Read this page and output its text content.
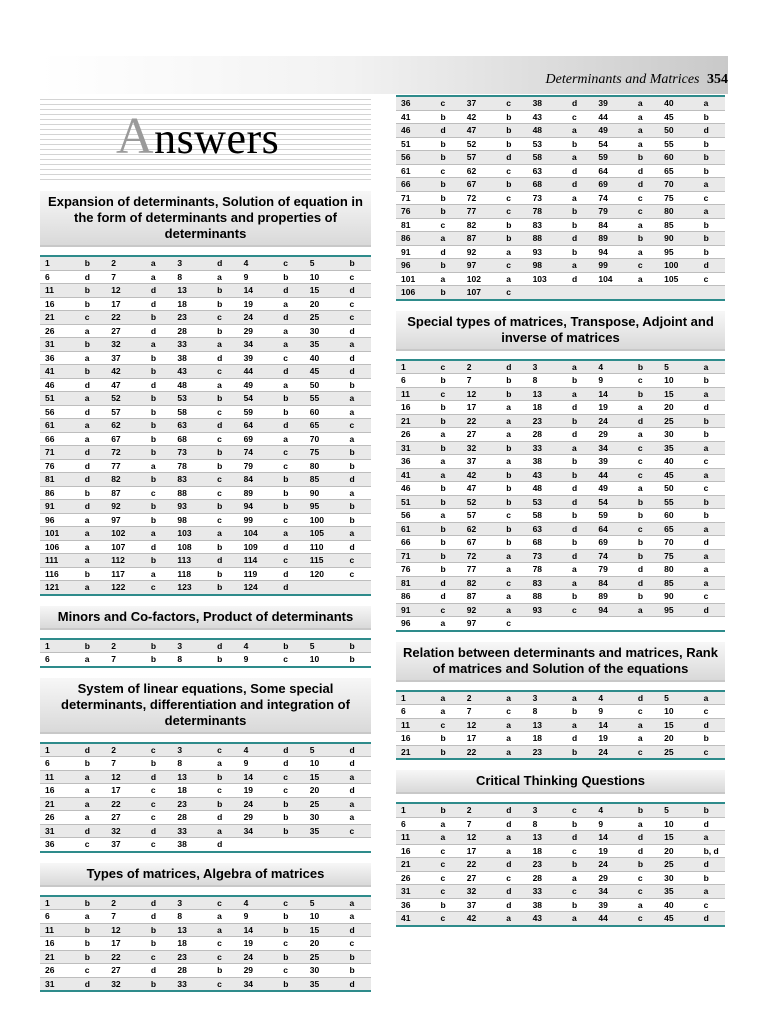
Determinants and Matrices 354
Answers
Expansion of determinants, Solution of equation in the form of determinants and properties of determinants
1	b	2	a	3	d	4	c	5	b
6	d	7	a	8	a	9	b	10	c
11	b	12	d	13	b	14	d	15	d
16	b	17	d	18	b	19	a	20	c
21	c	22	b	23	c	24	d	25	c
26	a	27	d	28	b	29	a	30	d
31	b	32	a	33	a	34	a	35	a
36	a	37	b	38	d	39	c	40	d
41	b	42	b	43	c	44	d	45	d
46	d	47	d	48	a	49	a	50	b
51	a	52	b	53	b	54	b	55	a
56	d	57	b	58	c	59	b	60	a
61	a	62	b	63	d	64	d	65	c
66	a	67	b	68	c	69	a	70	a
71	d	72	b	73	b	74	c	75	b
76	d	77	a	78	b	79	c	80	b
81	d	82	b	83	c	84	b	85	d
86	b	87	c	88	c	89	b	90	a
91	d	92	b	93	b	94	b	95	b
96	a	97	b	98	c	99	c	100	b
101	a	102	a	103	a	104	a	105	a
106	a	107	d	108	b	109	d	110	d
111	a	112	b	113	d	114	c	115	c
116	b	117	a	118	b	119	d	120	c
121	a	122	c	123	b	124	d		
Minors and Co-factors, Product of determinants
1	b	2	b	3	d	4	b	5	b
6	a	7	b	8	b	9	c	10	b
System of linear equations, Some special determinants, differentiation and integration of determinants
1	d	2	c	3	c	4	d	5	d
6	b	7	b	8	a	9	d	10	d
11	a	12	d	13	b	14	c	15	a
16	a	17	c	18	c	19	c	20	d
21	a	22	c	23	b	24	b	25	a
26	a	27	c	28	d	29	b	30	a
31	d	32	d	33	a	34	b	35	c
36	c	37	c	38	d				
Types of matrices, Algebra of matrices
1	b	2	d	3	c	4	c	5	a
6	a	7	d	8	a	9	b	10	a
11	b	12	b	13	a	14	b	15	d
16	b	17	b	18	c	19	c	20	c
21	b	22	c	23	c	24	b	25	b
26	c	27	d	28	b	29	c	30	b
31	d	32	b	33	c	34	b	35	d
36	c	37	c	38	d	39	a	40	a
41	b	42	b	43	c	44	a	45	b
46	d	47	b	48	a	49	a	50	d
51	b	52	b	53	b	54	a	55	b
56	b	57	d	58	a	59	b	60	b
61	c	62	c	63	d	64	d	65	b
66	b	67	b	68	d	69	d	70	a
71	b	72	c	73	a	74	c	75	c
76	b	77	c	78	b	79	c	80	a
81	c	82	b	83	b	84	a	85	b
86	a	87	b	88	d	89	b	90	b
91	d	92	a	93	b	94	a	95	b
96	b	97	c	98	a	99	c	100	d
101	a	102	a	103	d	104	a	105	c
106	b	107	c						
Special types of matrices, Transpose, Adjoint and inverse of matrices
1	c	2	d	3	a	4	b	5	a
6	b	7	b	8	b	9	c	10	b
11	c	12	b	13	a	14	b	15	a
16	b	17	a	18	d	19	a	20	d
21	b	22	a	23	b	24	d	25	b
26	a	27	a	28	d	29	a	30	b
31	b	32	b	33	a	34	c	35	a
36	a	37	a	38	b	39	c	40	c
41	a	42	b	43	b	44	c	45	a
46	b	47	b	48	d	49	a	50	c
51	b	52	b	53	d	54	b	55	b
56	a	57	c	58	b	59	b	60	b
61	b	62	b	63	d	64	c	65	a
66	b	67	b	68	b	69	b	70	d
71	b	72	a	73	d	74	b	75	a
76	b	77	a	78	a	79	d	80	a
81	d	82	c	83	a	84	d	85	a
86	d	87	a	88	b	89	b	90	c
91	c	92	a	93	c	94	a	95	d
96	a	97	c						
Relation between determinants and matrices, Rank of matrices and Solution of the equations
1	a	2	a	3	a	4	d	5	a
6	a	7	c	8	b	9	c	10	c
11	c	12	a	13	a	14	a	15	d
16	b	17	a	18	d	19	a	20	b
21	b	22	a	23	b	24	c	25	c
Critical Thinking Questions
1	b	2	d	3	c	4	b	5	b
6	a	7	d	8	b	9	a	10	d
11	a	12	a	13	d	14	d	15	a
16	c	17	a	18	c	19	d	20	b, d
21	c	22	d	23	b	24	b	25	d
26	c	27	c	28	a	29	c	30	b
31	c	32	d	33	c	34	c	35	a
36	b	37	d	38	b	39	a	40	c
41	c	42	a	43	a	44	c	45	d
